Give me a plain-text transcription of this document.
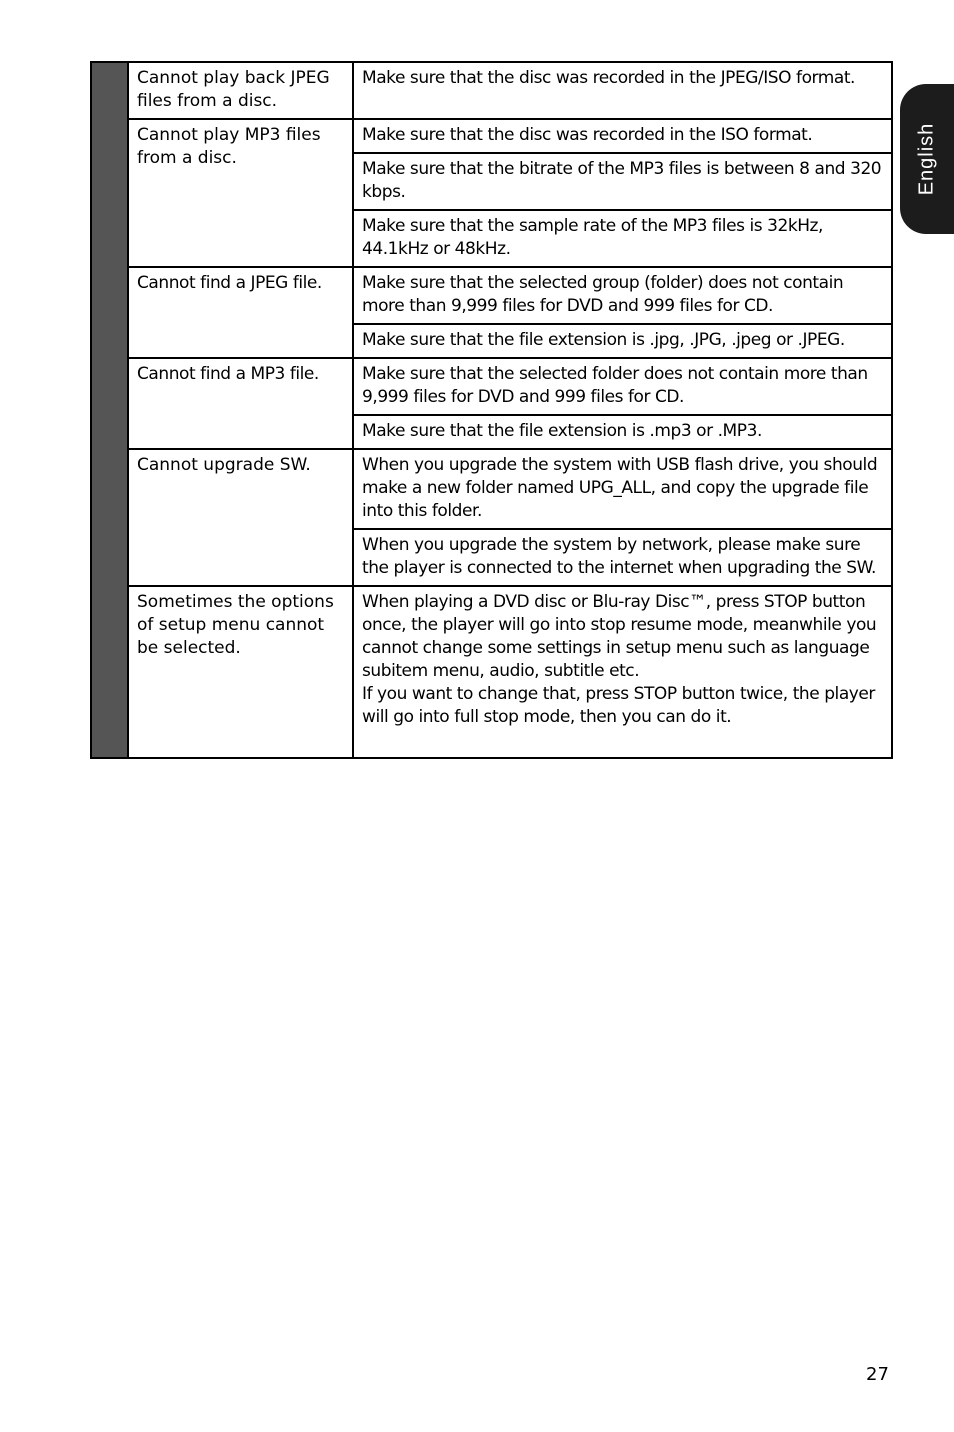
English
	Cannot play back JPEG files from a disc.	Make sure that the disc was recorded in the JPEG/ISO format.
	Cannot play MP3 files from a disc.	Make sure that the disc was recorded in the ISO format.
		Make sure that the bitrate of the MP3 files is between 8 and 320 kbps.
		Make sure that the sample rate of the MP3 files is 32kHz, 44.1kHz or 48kHz.
	Cannot find a JPEG file.	Make sure that the selected group (folder) does not contain more than 9,999 files for DVD and 999 files for CD.
		Make sure that the file extension is .jpg, .JPG, .jpeg or .JPEG.
	Cannot find a MP3 file.	Make sure that the selected folder does not contain more than 9,999 files for DVD and 999 files for CD.
		Make sure that the file extension is .mp3 or .MP3.
	Cannot upgrade SW.	When you upgrade the system with USB flash drive, you should make a new folder named UPG_ALL, and copy the upgrade file into this folder.
		When you upgrade the system by network, please make sure the player is connected to the internet when upgrading the SW.
	Sometimes the options of setup menu cannot be selected.	When playing a DVD disc or Blu-ray Disc™, press STOP button once, the player will go into stop resume mode, meanwhile you cannot change some settings in setup menu such as language subitem menu, audio, subtitle etc.
If you want to change that, press STOP button twice, the player will go into full stop mode, then you can do it.
27
